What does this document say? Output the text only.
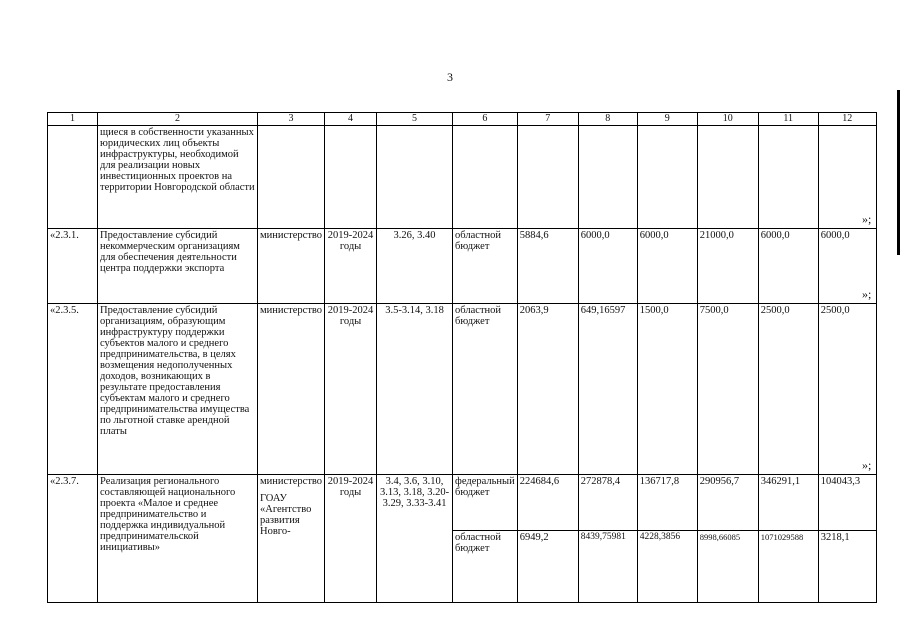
3
1	2	3	4	5	6	7	8	9	10	11	12
	щиеся в собственности указанных юридических лиц объекты инфраструктуры, необходимой для реализации новых инвестиционных проектов на территории Новгородской области										
«2.3.1.	Предоставление субсидий некоммерческим организациям для обеспечения деятельности центра поддержки экспорта	министерство	2019-2024 годы	3.26, 3.40	областной бюджет	5884,6	6000,0	6000,0	21000,0	6000,0	6000,0
«2.3.5.	Предоставление субсидий организациям, образующим инфраструктуру поддержки субъектов малого и среднего предпринимательства, в целях возмещения недополученных доходов, возникающих в результате предоставления субъектам малого и среднего предпринимательства имущества по льготной ставке арендной платы	министерство	2019-2024 годы	3.5-3.14, 3.18	областной бюджет	2063,9	649,16597	1500,0	7500,0	2500,0	2500,0
«2.3.7.	Реализация регионального составляющей национального проекта «Малое и среднее предпринимательство и поддержка индивидуальной предпринимательской инициативы»	министерство
ГОАУ «Агентство развития Новго-	2019-2024 годы	3.4, 3.6, 3.10, 3.13, 3.18, 3.20-3.29, 3.33-3.41	федеральный бюджет	224684,6	272878,4	136717,8	290956,7	346291,1	104043,3
					областной бюджет	6949,2	8439,75981	4228,3856	8998,66085	1071029588	3218,1
»;
»;
»;
